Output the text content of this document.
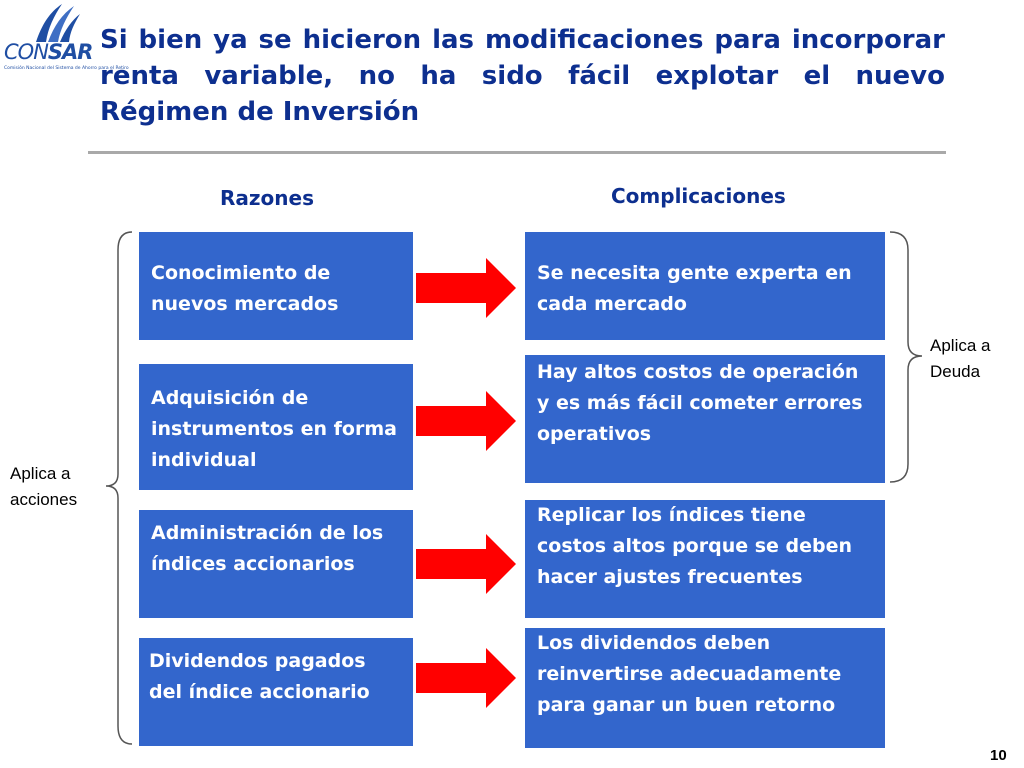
CONSAR
Comisión Nacional del Sistema de Ahorro para el Retiro
Si bien ya se hicieron las modificaciones para incorporar renta variable, no ha sido fácil explotar el nuevo Régimen de Inversión
Razones	Complicaciones
Conocimiento de nuevos mercados
Adquisición de instrumentos en forma individual
Administración de los índices accionarios
Dividendos pagados del índice accionario
Se necesita gente experta en cada mercado
Hay altos costos de operación y es más fácil cometer errores operativos
Replicar los índices tiene costos altos porque se deben hacer ajustes frecuentes
Los dividendos deben reinvertirse adecuadamente para ganar un buen retorno
Aplica a acciones
Aplica a Deuda
10
